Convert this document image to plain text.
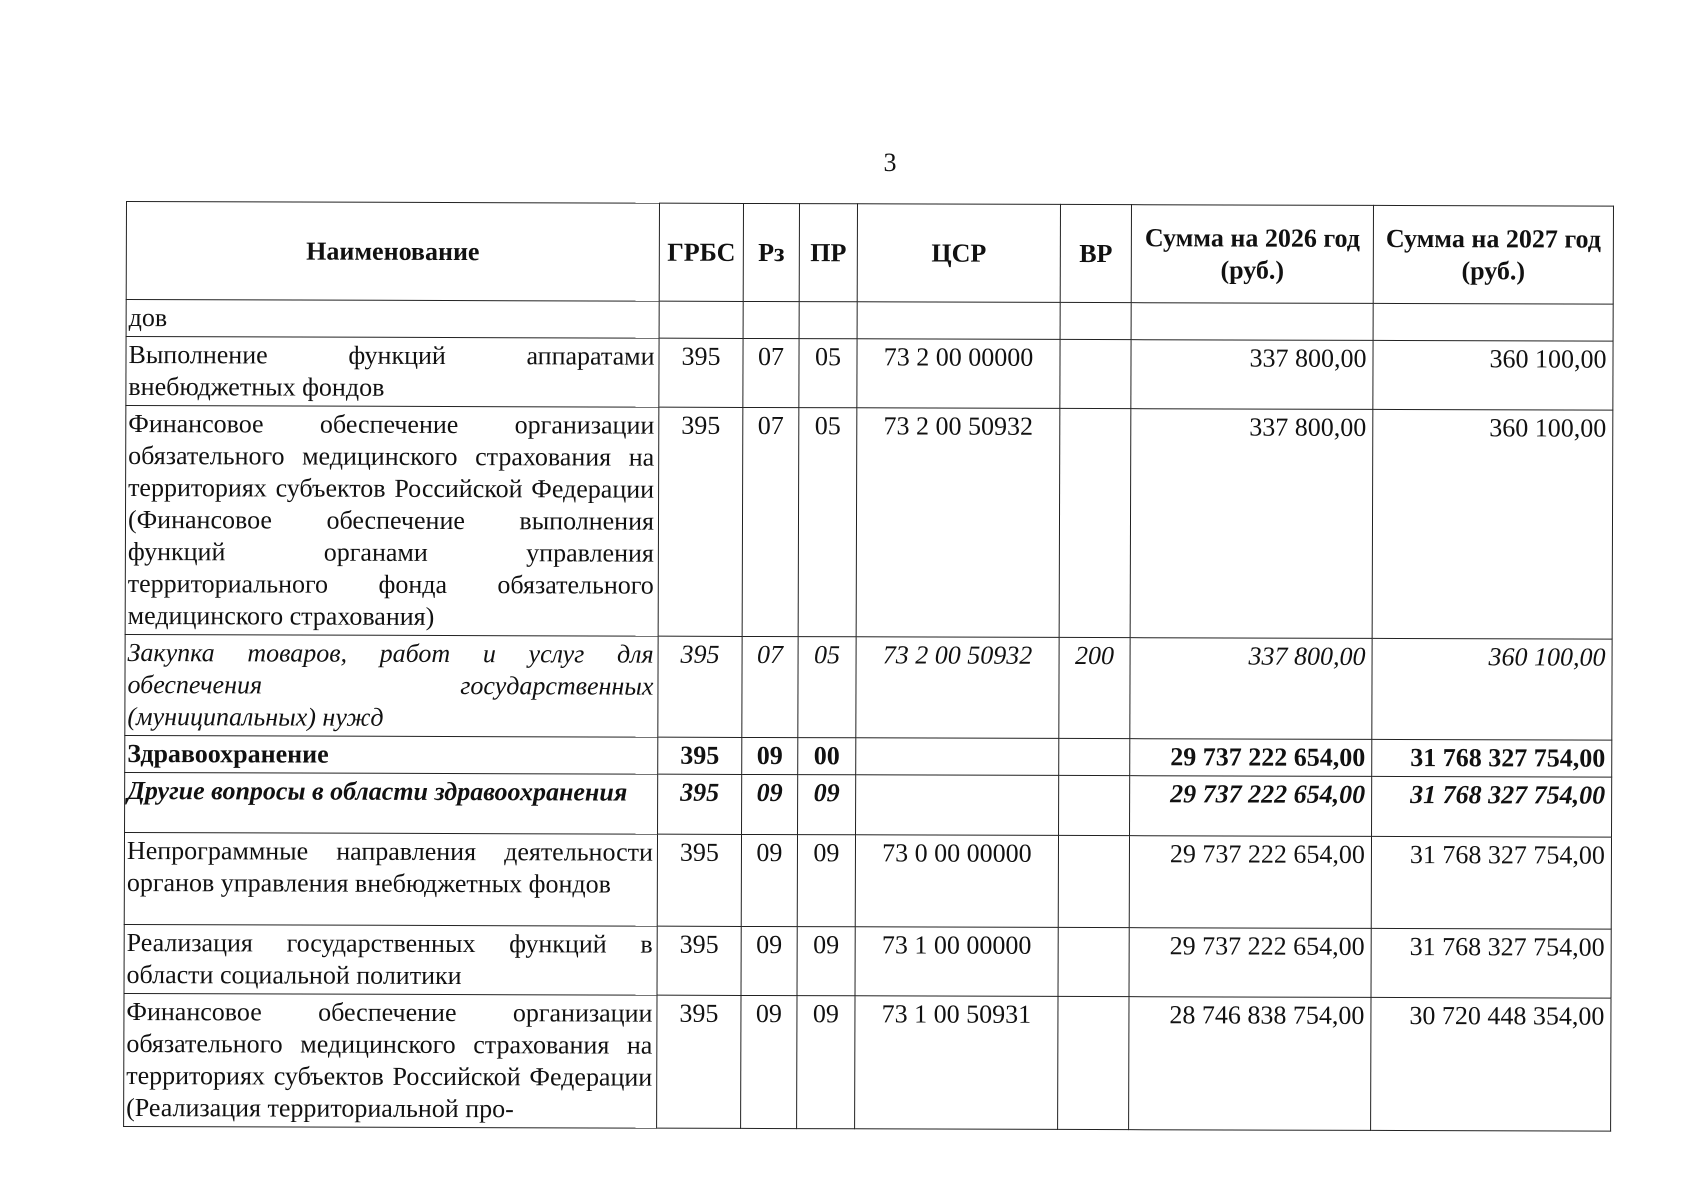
3
Наименование	ГРБС	Рз	ПР	ЦСР	ВР	Сумма на 2026 год (руб.)	Сумма на 2027 год (руб.)
дов							
Выполнение функций аппаратами внебюджетных фондов	395	07	05	73 2 00 00000		337 800,00	360 100,00
Финансовое обеспечение организации обязательного медицинского страхования на территориях субъектов Российской Федерации (Финансовое обеспечение выполнения функций органами управления территориального фонда обязательного медицинского страхования)	395	07	05	73 2 00 50932		337 800,00	360 100,00
Закупка товаров, работ и услуг для обеспечения государственных (муниципальных) нужд	395	07	05	73 2 00 50932	200	337 800,00	360 100,00
Здравоохранение	395	09	00			29 737 222 654,00	31 768 327 754,00
Другие вопросы в области здравоохранения	395	09	09			29 737 222 654,00	31 768 327 754,00
Непрограммные направления деятельности органов управления внебюджетных фондов	395	09	09	73 0 00 00000		29 737 222 654,00	31 768 327 754,00
Реализация государственных функций в области социальной политики	395	09	09	73 1 00 00000		29 737 222 654,00	31 768 327 754,00
Финансовое обеспечение организации обязательного медицинского страхования на территориях субъектов Российской Федерации (Реализация территориальной про-	395	09	09	73 1 00 50931		28 746 838 754,00	30 720 448 354,00
